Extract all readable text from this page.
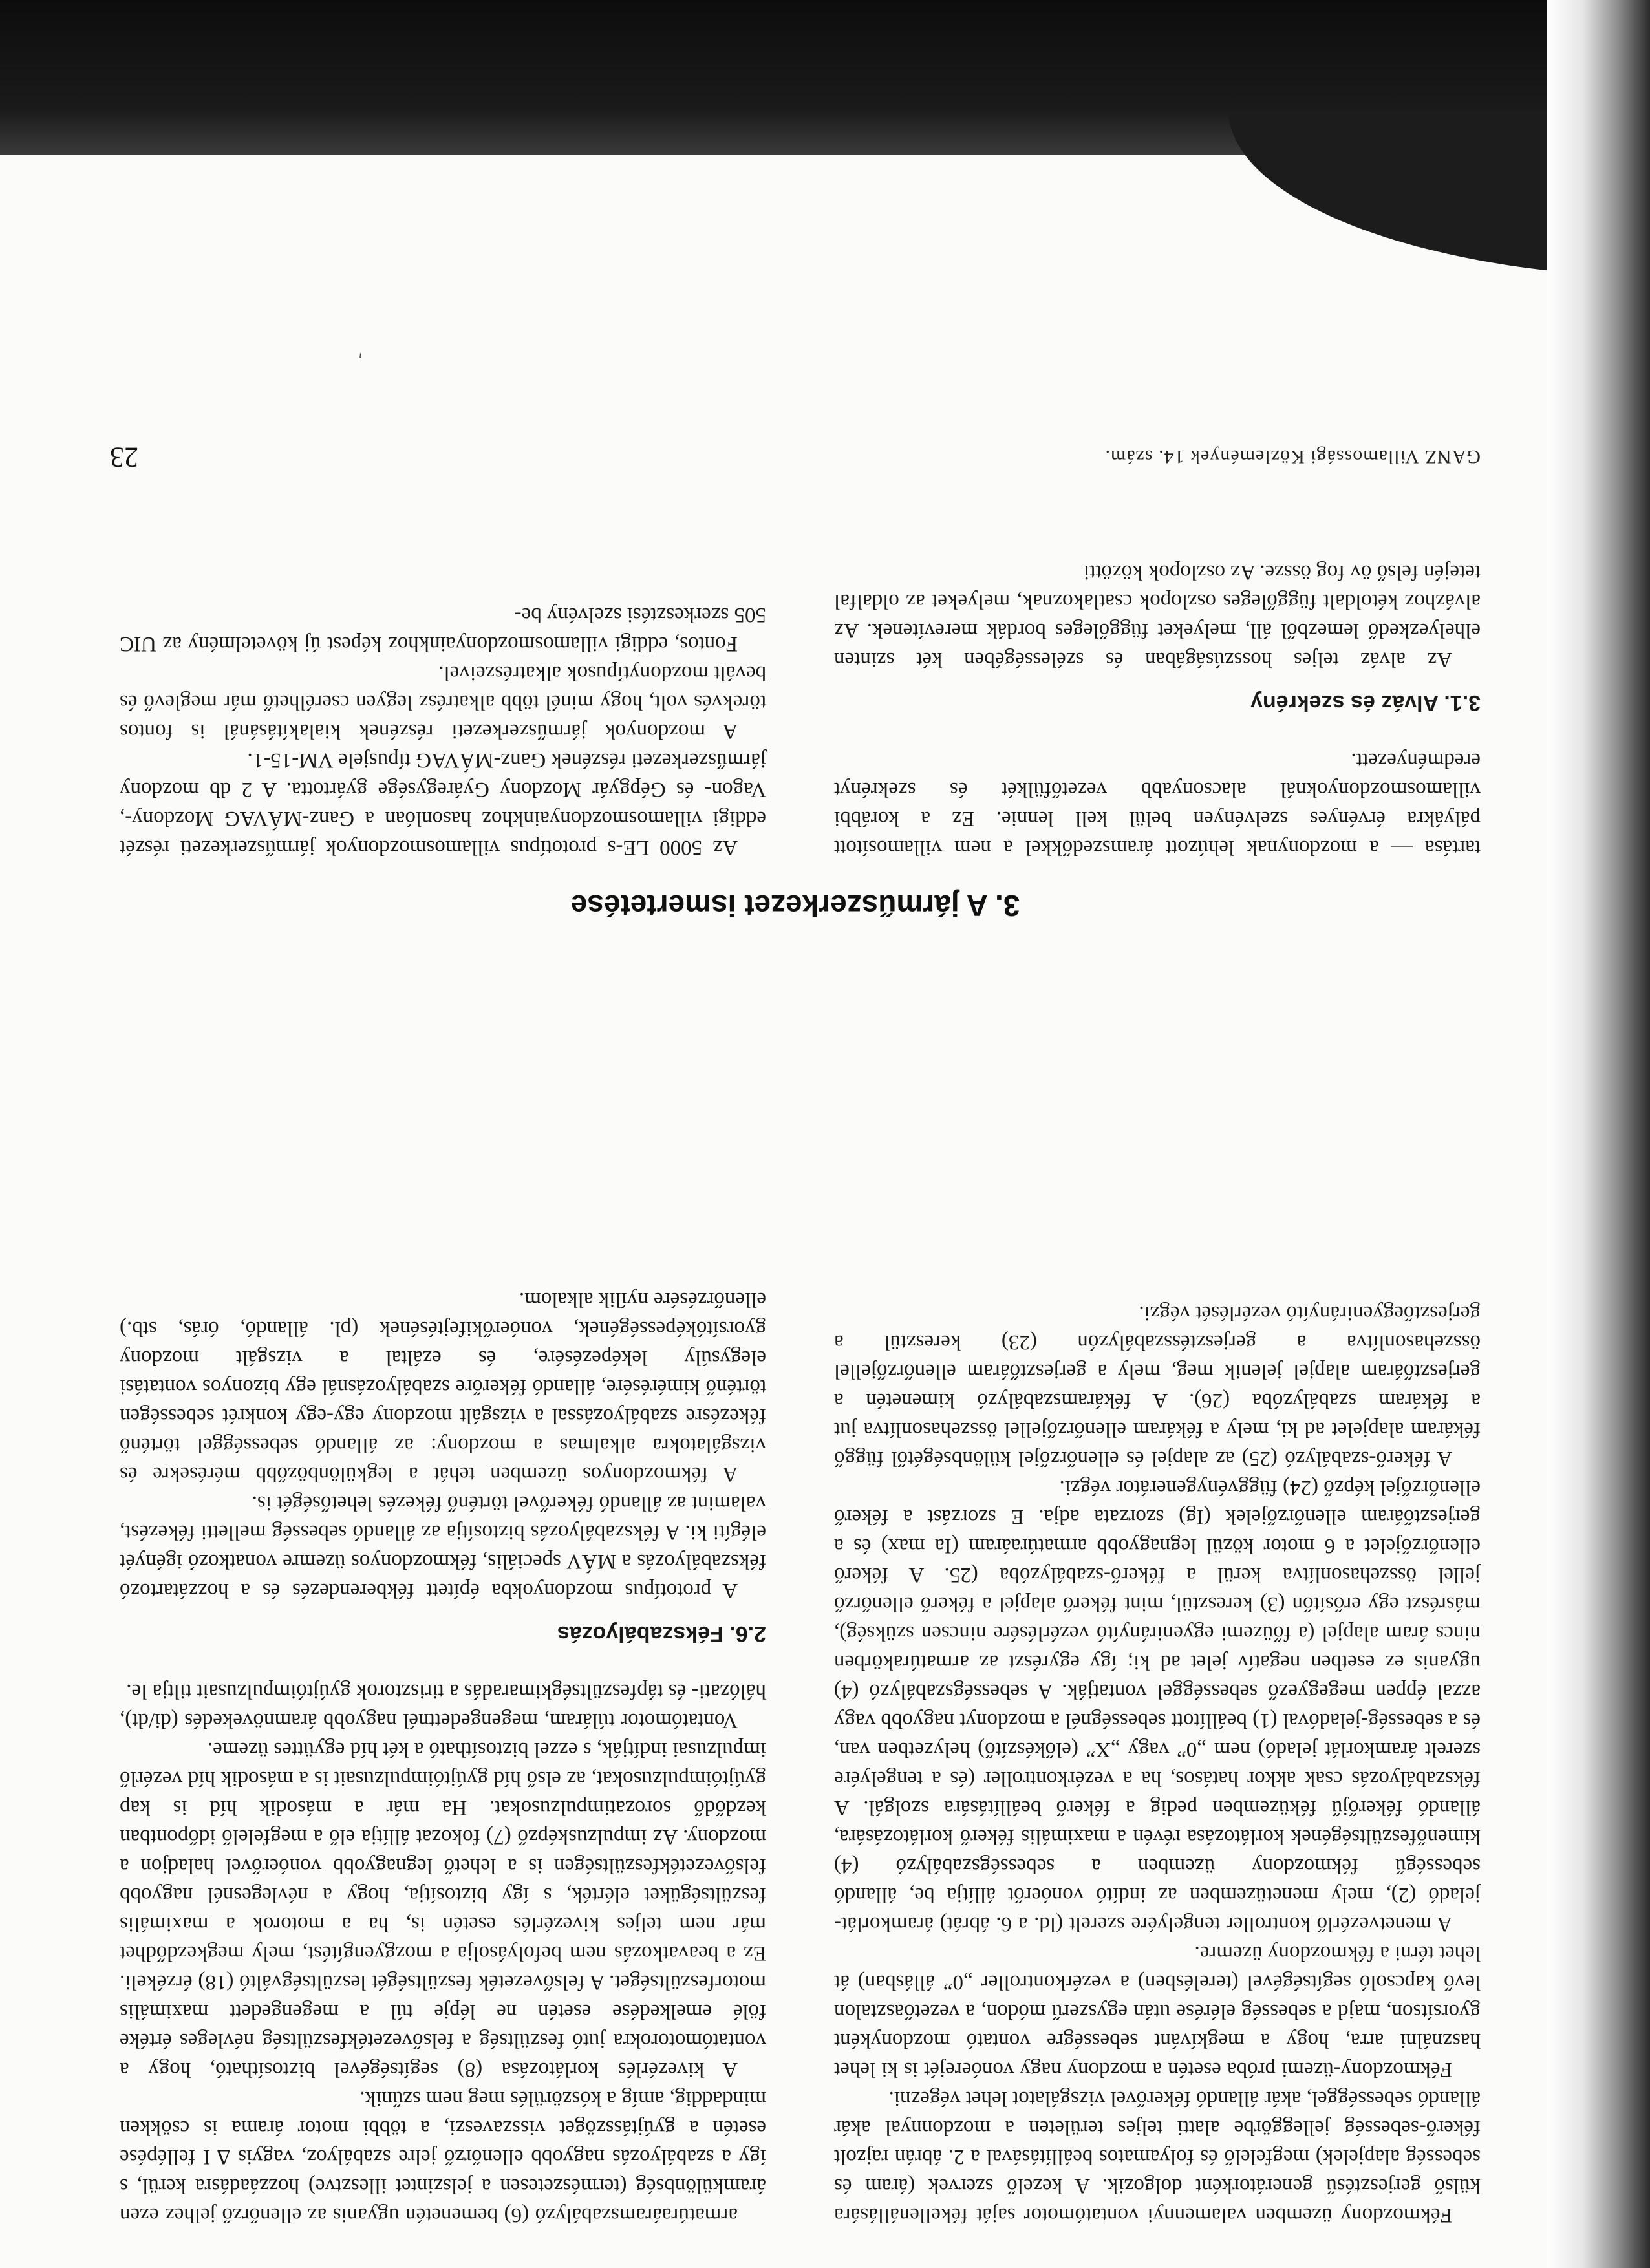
Fékmozdony üzemben valamennyi vontatómotor saját fékellenállására külső gerjesztésű generátorként dolgozik. A kezelő szervek (áram és sebesség alapjelek) megfelelő és folyamatos beállításával a 2. ábrán rajzolt fékerő-sebesség jelleggörbe alatti teljes területen a mozdonnyal akár állandó sebességgel, akár állandó fékerővel vizsgálatot lehet végezni.

Fékmozdony-üzemi próba esetén a mozdony nagy vonóerejét is ki lehet használni arra, hogy a megkívánt sebességre vontató mozdonyként gyorsítson, majd a sebesség elérése után egyszerű módon, a vezetőasztalon levő kapcsoló segítségével (terelésben) a vezérkontroller „0” állásban) át lehet térni a fékmozdony üzemre.

A menetvezérlő kontroller tengelyére szerelt (ld. a 6. ábrát) áramkorlát-jeladó (2), mely menetüzemben az indító vonóerőt állítja be, állandó sebességű fékmozdony üzemben a sebességszabályzó (4) kimenőfeszültségének korlátozása révén a maximális fékerő korlátozására, állandó fékerőjű féküzemben pedig a fékerő beállítására szolgál. A fékszabályozás csak akkor hatásos, ha a vezérkontroller (és a tengelyére szerelt áramkorlát jeladó) nem „0” vagy „X” (előkészítő) helyzetben van, és a sebesség-jeladóval (1) beállított sebességnél a mozdonyt nagyobb vagy azzal éppen megegyező sebességgel vontatják. A sebességszabályzó (4) ugyanis ez esetben negatív jelet ad ki; így egyrészt az armatúrakörben nincs áram alapjel (a főüzemi egyenirányító vezérlésére nincsen szükség), másrészt egy erősítőn (3) keresztül, mint fékerő alapjel a fékerő ellenőrző jellel összehasonlítva kerül a fékerő-szabályzóba (25. A fékerő ellenőrzőjelet a 6 motor közül legnagyobb armatúraáram (Ia max) és a gerjesztőáram ellenőrzőjelek (Ig) szorzata adja. E szorzást a fékerő ellenőrzőjel képző (24) függvénygenerátor végzi.

A fékerő-szabályzó (25) az alapjel és ellenőrzőjel különbségétől függő fékáram alapjelet ad ki, mely a fékáram ellenőrzőjellel összehasonlítva jut a fékáram szabályzóba (26). A fékáramszabályzó kimenetén a gerjesztőáram alapjel jelenik meg, mely a gerjesztőáram ellenőrzőjellel összehasonlítva a gerjesztésszabályzón (23) keresztül a gerjesztőegyenirányító vezérlését végzi.

armatúraáramszabályzó (6) bemenetén ugyanis az ellenőrző jelhez ezen áramkülönbség (természetesen a jelszintet illesztve) hozzáadásra kerül, s így a szabályozás nagyobb ellenőrző jelre szabályoz, vagyis Δ I fellépése esetén a gyújtásszöget visszaveszi, a többi motor árama is csökken mindaddig, amíg a kószörülés meg nem szűnik.

A kivezérlés korlátozása (8) segítségével biztosítható, hogy a vontatómotorokra jutó feszültség a felsővezetékfeszültség névleges értéke fölé emelkedése esetén ne lépje túl a megengedett maximális motorfeszültséget. A felsővezeték feszültségét leszültségváltó (18) érzékeli. Ez a beavatkozás nem befolyásolja a mozgyengítést, mely megkezdődhet már nem teljes kivezérlés esetén is, ha a motorok a maximális feszültségüket elérték, s így biztosítja, hogy a névlegesnél nagyobb felsővezetékfeszültségen is a lehető legnagyobb vonóerővel haladjon a mozdony. Az impulzusképző (7) fokozat állítja elő a megfelelő időpontban kezdődő sorozatimpulzusokat. Ha már a második híd is kap gyújtóimpulzusokat, az első híd gyújtóimpulzusait is a második híd vezérlő impulzusai indítják, s ezzel biztosítható a két híd együttes üzeme.

Vontatómotor túláram, megengedettnél nagyobb áramnövekedés (di/dt), hálózati- és tápfeszültségkimaradás a tirisztorok gyújtóimpulzusait tiltja le.

2.6. Fékszabályozás

A prototípus mozdonyokba épített fékberendezés és a hozzátartozó fékszabályozás a MÁV speciális, fékmozdonyos üzemre vonatkozó igényét elégíti ki. A fékszabályozás biztosítja az állandó sebesség melletti fékezést, valamint az állandó fékerővel történő fékezés lehetőségét is.

A fékmozdonyos üzemben tehát a legkülönbözőbb mérésekre és vizsgálatokra alkalmas a mozdony: az állandó sebességgel történő fékezésre szabályozással a vizsgált mozdony egy-egy konkrét sebességen történő kimérésére, állandó fékerőre szabályozásnál egy bizonyos vontatási elegysúly leképezésére, és ezáltal a vizsgált mozdony gyorsítóképességének, vonóerőkifejtésének (pl. állandó, órás, stb.) ellenőrzésére nyílik alkalom.

3. A járműszerkezet ismertetése

tartása — a mozdonynak lehúzott áramszedőkkel a nem villamosított pályákra érvényes szelvényen belül kell lennie. Ez a korábbi villamosmozdonyoknál alacsonyabb vezetőfülkét és szekrényt eredményezett.

3.1. Alváz és szekrény

Az alváz teljes hosszúságában és szélességében két szinten elhelyezkedő lemezből áll, melyeket függőleges bordák merevítenek. Az alvázhoz kétoldalt függőleges oszlopok csatlakoznak, melyeket az oldalfal tetején felső öv fog össze. Az oszlopok közötti

Az 5000 LE-s prototípus villamosmozdonyok járműszerkezeti részét eddigi villamosmozdonyainkhoz hasonlóan a Ganz-MÁVAG Mozdony-, Vagon- és Gépgyár Mozdony Gyáregysége gyártotta. A 2 db mozdony járműszerkezeti részének Ganz-MÁVAG típusjele VM-15-1.

A mozdonyok járműszerkezeti részének kialakításánál is fontos törekvés volt, hogy minél több alkatrész legyen cserélhető már meglevő és bevált mozdonytípusok alkatrészeivel.

Fontos, eddigi villamosmozdonyainkhoz képest új követelmény az UIC 505 szerkesztési szelvény be-

GANZ Villamossági Közlemények 14. szám.
23
'
